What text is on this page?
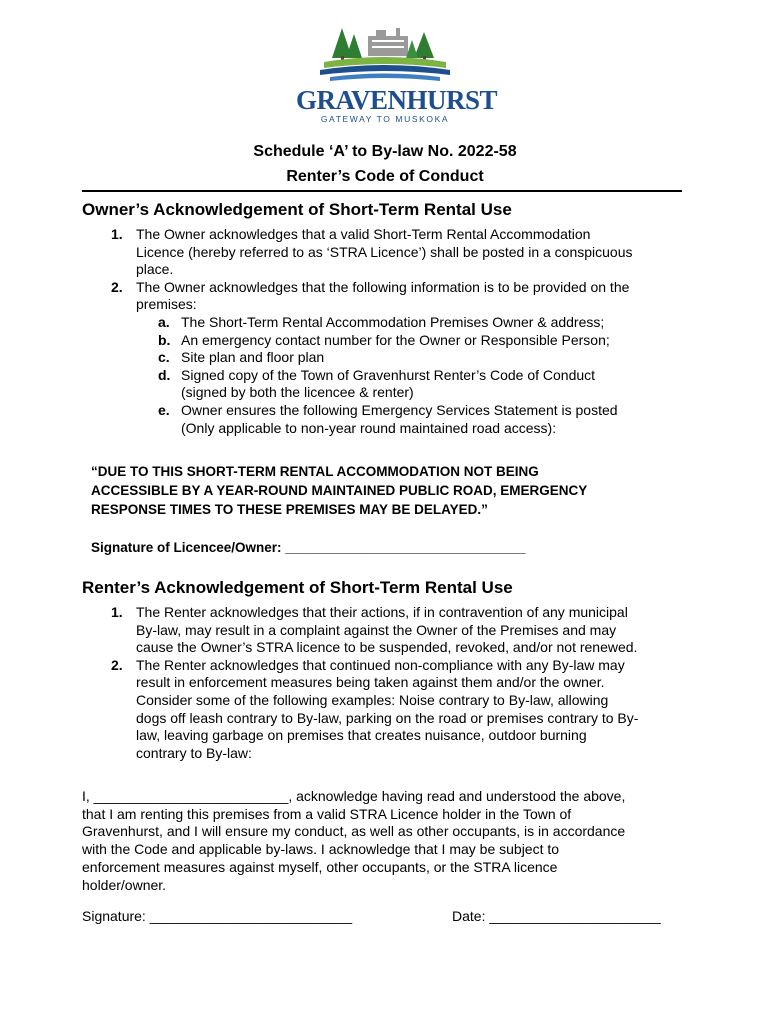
GRAVENHURST
GATEWAY TO MUSKOKA
Schedule ‘A’ to By-law No. 2022-58
Renter’s Code of Conduct
Owner’s Acknowledgement of Short-Term Rental Use
1. The Owner acknowledges that a valid Short-Term Rental Accommodation
Licence (hereby referred to as ‘STRA Licence’) shall be posted in a conspicuous
place.
2. The Owner acknowledges that the following information is to be provided on the
premises:
a. The Short-Term Rental Accommodation Premises Owner & address;
b. An emergency contact number for the Owner or Responsible Person;
c. Site plan and floor plan
d. Signed copy of the Town of Gravenhurst Renter’s Code of Conduct
(signed by both the licencee & renter)
e. Owner ensures the following Emergency Services Statement is posted
(Only applicable to non-year round maintained road access):
“DUE TO THIS SHORT-TERM RENTAL ACCOMMODATION NOT BEING
ACCESSIBLE BY A YEAR-ROUND MAINTAINED PUBLIC ROAD, EMERGENCY
RESPONSE TIMES TO THESE PREMISES MAY BE DELAYED.”
Signature of Licencee/Owner: ________________________________
Renter’s Acknowledgement of Short-Term Rental Use
1. The Renter acknowledges that their actions, if in contravention of any municipal
By-law, may result in a complaint against the Owner of the Premises and may
cause the Owner’s STRA licence to be suspended, revoked, and/or not renewed.
2. The Renter acknowledges that continued non-compliance with any By-law may
result in enforcement measures being taken against them and/or the owner.
Consider some of the following examples: Noise contrary to By-law, allowing
dogs off leash contrary to By-law, parking on the road or premises contrary to By-
law, leaving garbage on premises that creates nuisance, outdoor burning
contrary to By-law:
I, _________________________, acknowledge having read and understood the above,
that I am renting this premises from a valid STRA Licence holder in the Town of
Gravenhurst, and I will ensure my conduct, as well as other occupants, is in accordance
with the Code and applicable by-laws. I acknowledge that I may be subject to
enforcement measures against myself, other occupants, or the STRA licence
holder/owner.
Signature: __________________________	Date: ______________________
